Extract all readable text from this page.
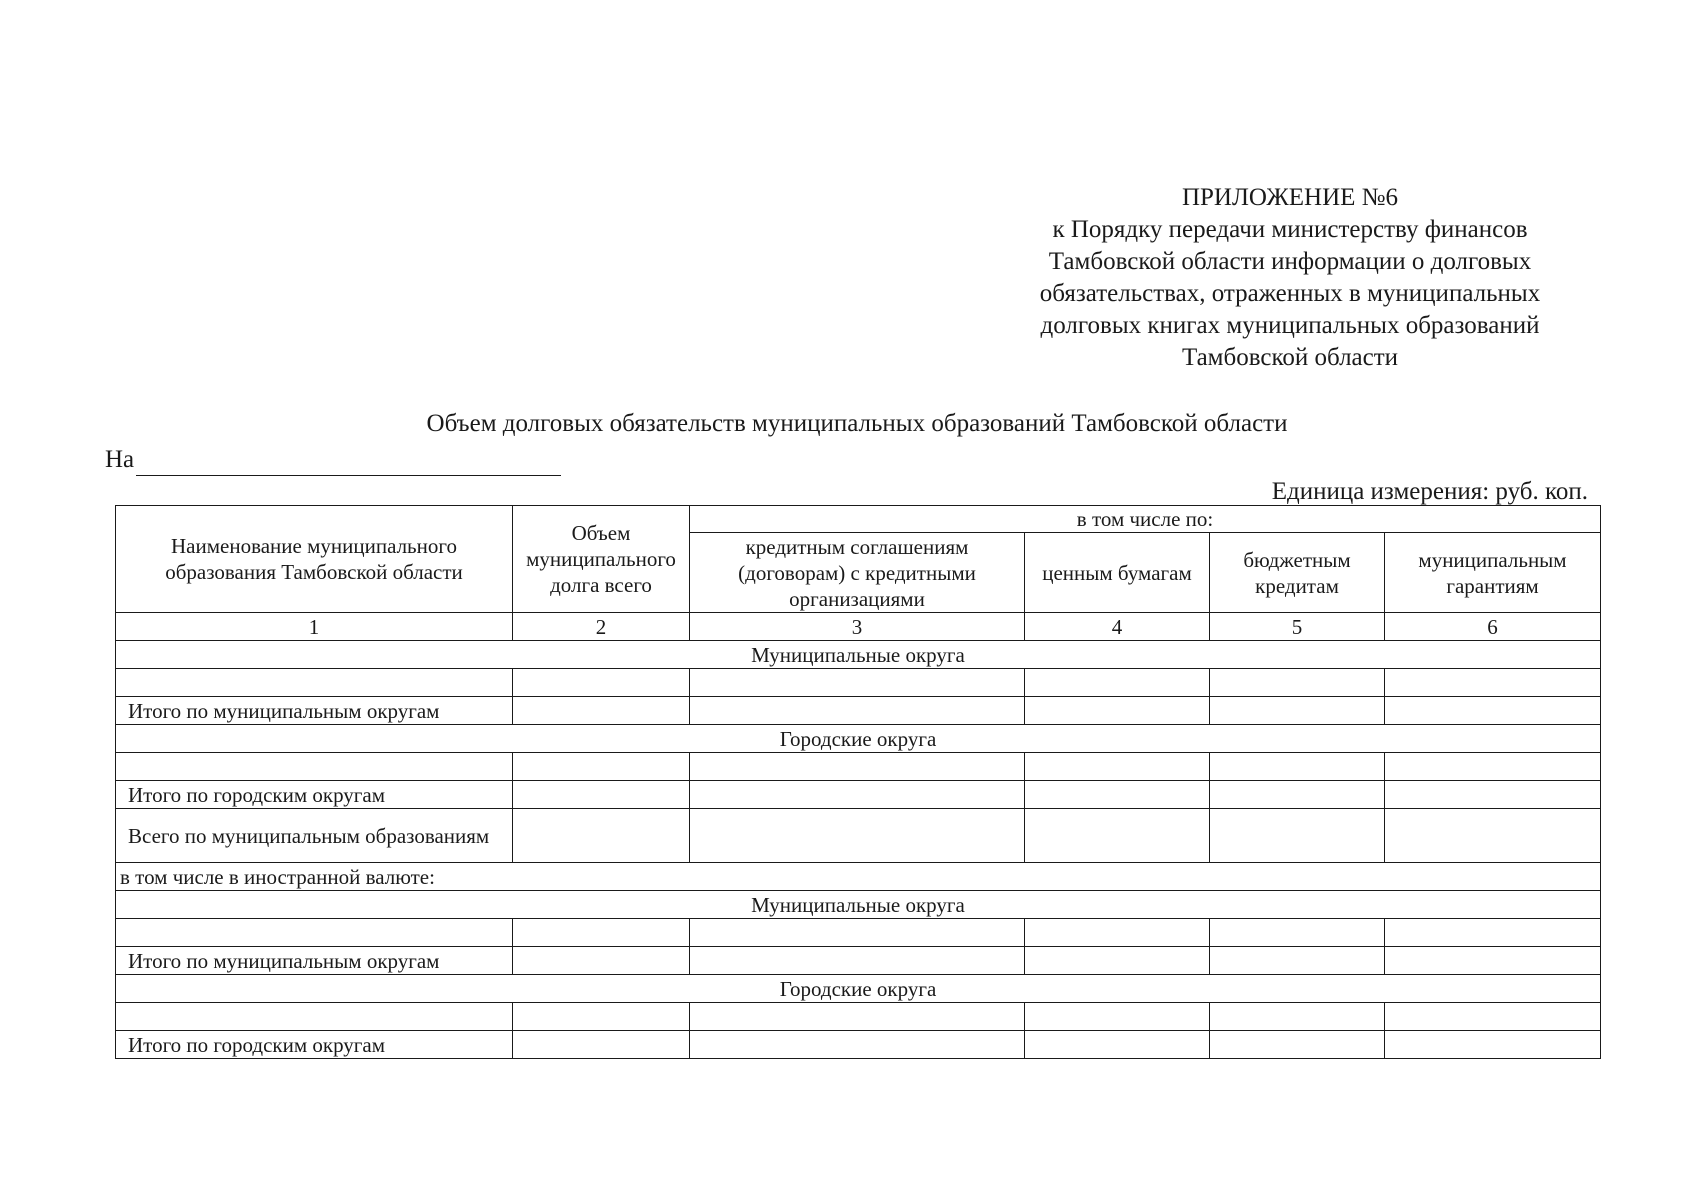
ПРИЛОЖЕНИЕ №6
к Порядку передачи министерству финансов
Тамбовской области информации о долговых
обязательствах, отраженных в муниципальных
долговых книгах муниципальных образований
Тамбовской области
Объем долговых обязательств муниципальных образований Тамбовской области
На
Единица измерения: руб. коп.
Наименование муниципального образования Тамбовской области	Объем муниципального долга всего	в том числе по:			
		кредитным соглашениям (договорам) с кредитными организациями	ценным бумагам	бюджетным кредитам	муниципальным гарантиям
1	2	3	4	5	6
Муниципальные округа					

Итого по муниципальным округам					
Городские округа					

Итого по городским округам					
Всего по муниципальным образованиям					
в том числе в иностранной валюте:					
Муниципальные округа					

Итого по муниципальным округам					
Городские округа					

Итого по городским округам					
